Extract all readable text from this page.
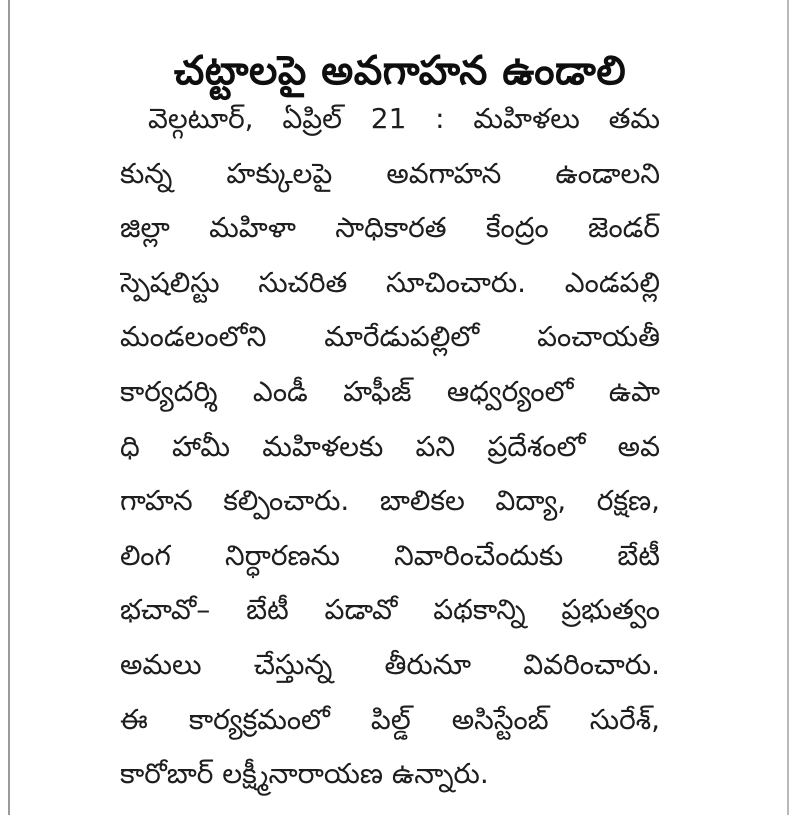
చట్టాలపై అవగాహన ఉండాలి
వెల్గటూర్, ఏప్రిల్ 21 : మహిళలు తమ
కున్న హక్కులపై అవగాహన ఉండాలని
జిల్లా మహిళా సాధికారత కేంద్రం జెండర్
స్పెషలిస్టు సుచరిత సూచించారు. ఎండపల్లి
మండలంలోని మారేడుపల్లిలో పంచాయతీ
కార్యదర్శి ఎండీ హఫీజ్ ఆధ్వర్యంలో ఉపా
ధి హామీ మహిళలకు పని ప్రదేశంలో అవ
గాహన కల్పించారు. బాలికల విద్యా, రక్షణ,
లింగ నిర్ధారణను నివారించేందుకు బేటీ
భచావో– బేటీ పడావో పథకాన్ని ప్రభుత్వం
అమలు చేస్తున్న తీరునూ వివరించారు.
ఈ కార్యక్రమంలో పిల్డ్ అసిస్టేంబ్ సురేశ్,
కారోబార్ లక్ష్మీనారాయణ ఉన్నారు.
